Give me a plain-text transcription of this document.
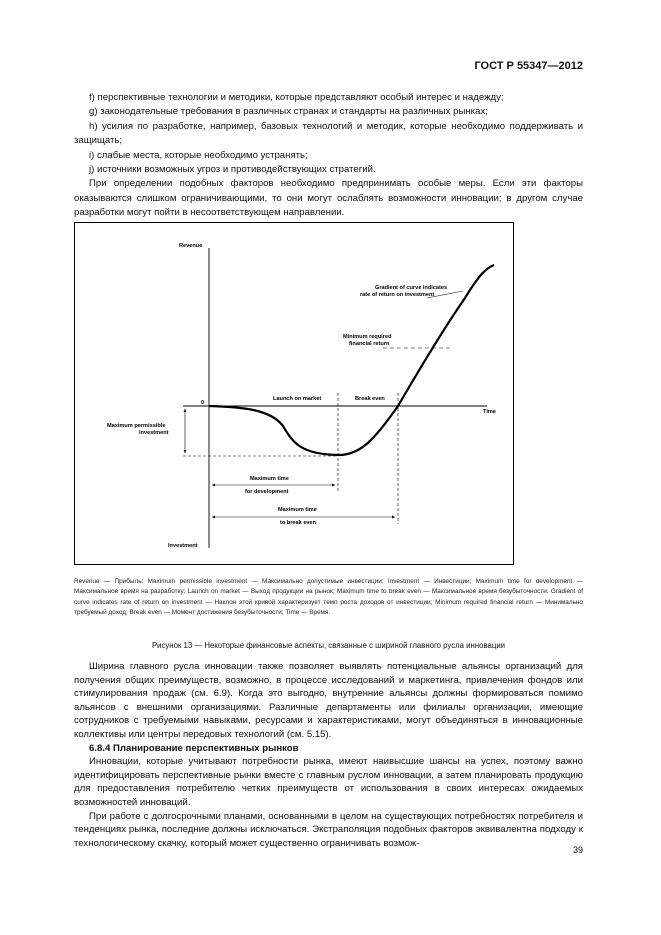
ГОСТ Р 55347—2012

f) перспективные технологии и методики, которые представляют особый интерес и надежду;

g) законодательные требования в различных странах и стандарты на различных рынках;

h) усилия по разработке, например, базовых технологий и методик, которые необходимо поддерживать и защищать;

i) слабые места, которые необходимо устранять;

j) источники возможных угроз и противодействующих стратегий.

При определении подобных факторов необходимо предпринимать особые меры. Если эти факторы оказываются слишком ограничивающими, то они могут ослаблять возможности инновации; в другом случае разработки могут пойти в несоответствующем направлении.

Revenue
Investment
Time
0
Maximum permissible
investment
Launch on market	Break even
Gradient of curve indicates
rate of return on investment
Minimum required
financial return
Maximum time
for development
Maximum time
to break even
Revenue — Прибыль; Maximum permissible investment — Максимально допустимые инвестиции; Investment — Инвестиции; Maximum time for development — Максимальное время на разработку; Launch on market — Выход продукции на рынок; Maximum time to break even — Максимальное время безубыточности; Gradient of curve indicates rate of return on investment — Наклон этой кривой характеризует темп роста доходов от инвестиции; Minimum required financial return — Минимально требуемый доход; Break even — Момент достижения безубыточности; Time — Время.
Рисунок 13 — Некоторые финансовые аспекты, связанные с шириной главного русла инновации

Ширина главного русла инновации также позволяет выявлять потенциальные альянсы организаций для получения общих преимуществ, возможно, в процессе исследований и маркетинга, привлечения фондов или стимулирования продаж (см. 6.9). Когда это выгодно, внутренние альянсы должны формироваться помимо альянсов с внешними организациями. Различные департаменты или филиалы организации, имеющие сотрудников с требуемыми навыками, ресурсами и характеристиками, могут объединяться в инновационные коллективы или центры передовых технологий (см. 5.15).

6.8.4 Планирование перспективных рынков

Инновации, которые учитывают потребности рынка, имеют наивысшие шансы на успех, поэтому важно идентифицировать перспективные рынки вместе с главным руслом инновации, а затем планировать продукцию для предоставления потребителю четких преимуществ от использования в своих интересах ожидаемых возможностей инноваций.

При работе с долгосрочными планами, основанными в целом на существующих потребностях потребителя и тенденциях рынка, последние должны исключаться. Экстраполяция подобных факторов эквивалентна подходу к технологическому скачку, который может существенно ограничивать возмож-

39
